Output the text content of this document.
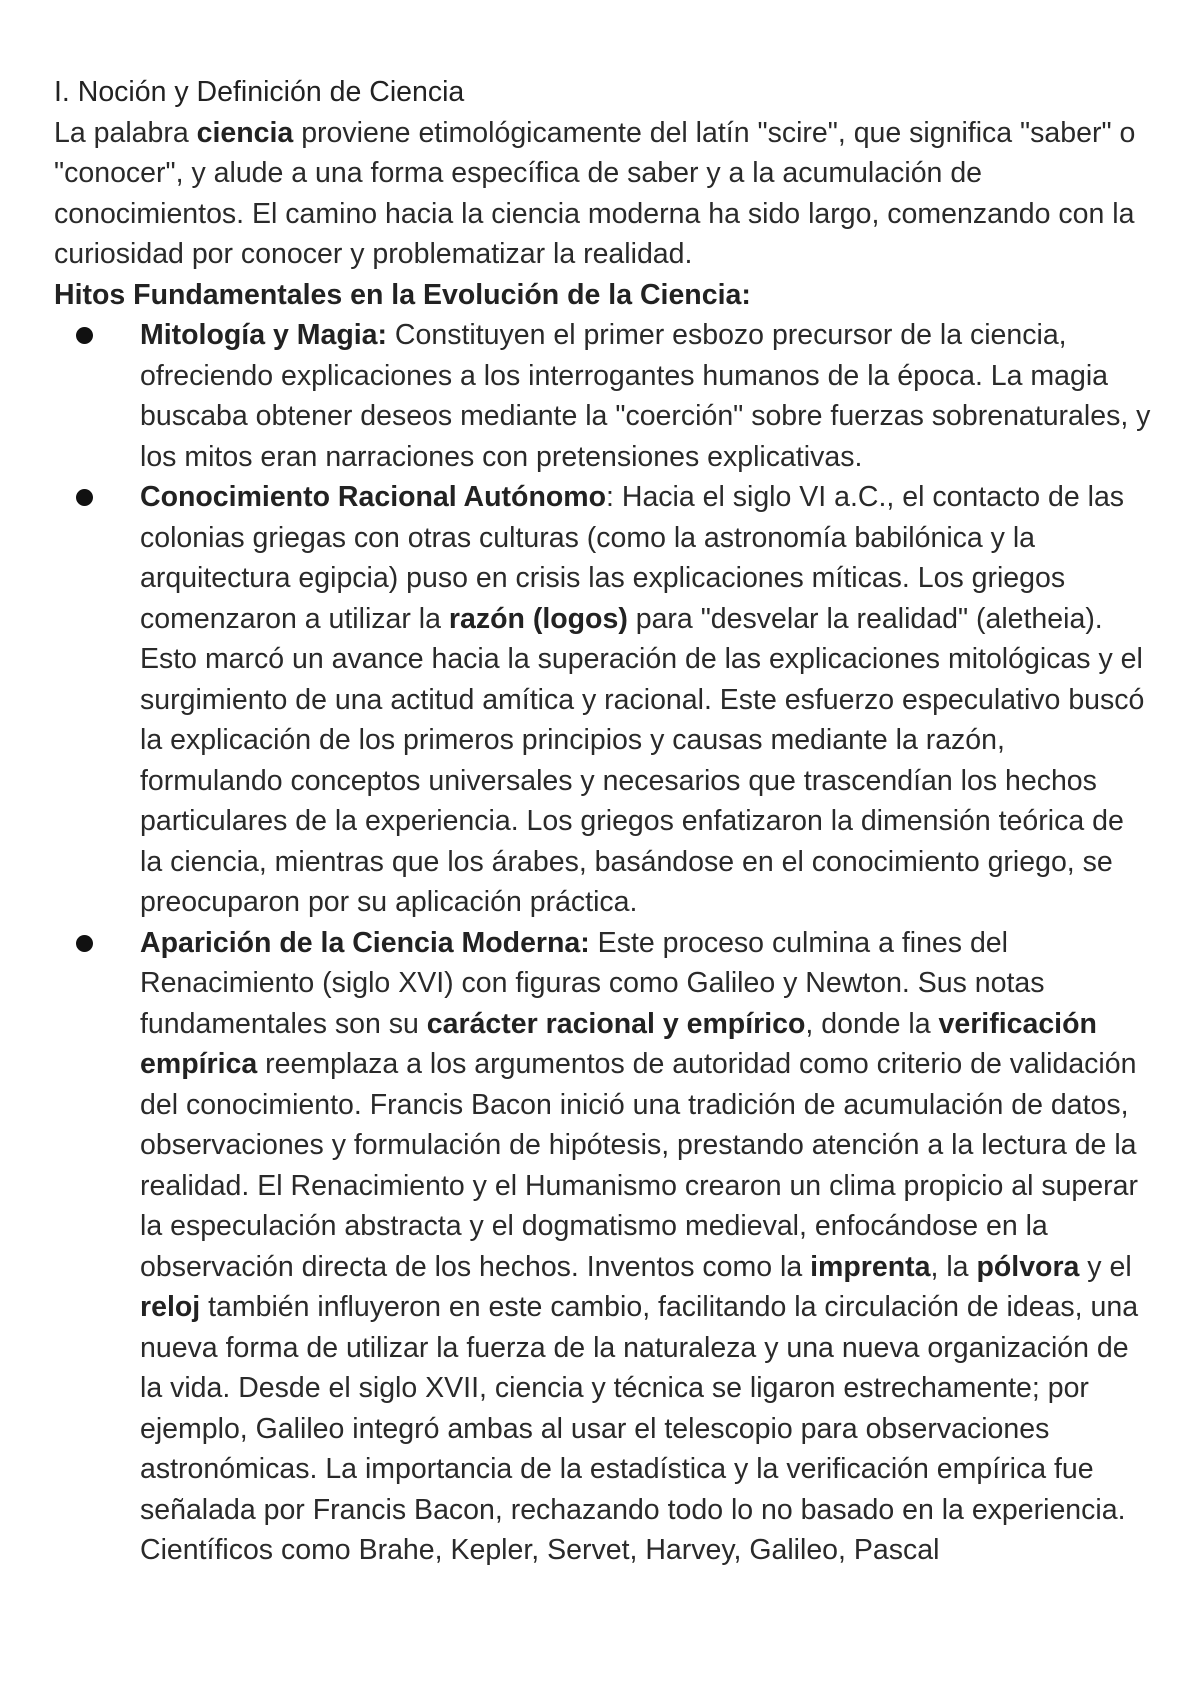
I. Noción y Definición de Ciencia

La palabra ciencia proviene etimológicamente del latín "scire", que significa "saber" o "conocer", y alude a una forma específica de saber y a la acumulación de conocimientos. El camino hacia la ciencia moderna ha sido largo, comenzando con la curiosidad por conocer y problematizar la realidad.

Hitos Fundamentales en la Evolución de la Ciencia:

Mitología y Magia: Constituyen el primer esbozo precursor de la ciencia, ofreciendo explicaciones a los interrogantes humanos de la época. La magia buscaba obtener deseos mediante la "coerción" sobre fuerzas sobrenaturales, y los mitos eran narraciones con pretensiones explicativas.
Conocimiento Racional Autónomo: Hacia el siglo VI a.C., el contacto de las colonias griegas con otras culturas (como la astronomía babilónica y la arquitectura egipcia) puso en crisis las explicaciones míticas. Los griegos comenzaron a utilizar la razón (logos) para "desvelar la realidad" (aletheia). Esto marcó un avance hacia la superación de las explicaciones mitológicas y el surgimiento de una actitud amítica y racional. Este esfuerzo especulativo buscó la explicación de los primeros principios y causas mediante la razón, formulando conceptos universales y necesarios que trascendían los hechos particulares de la experiencia. Los griegos enfatizaron la dimensión teórica de la ciencia, mientras que los árabes, basándose en el conocimiento griego, se preocuparon por su aplicación práctica.
Aparición de la Ciencia Moderna: Este proceso culmina a fines del Renacimiento (siglo XVI) con figuras como Galileo y Newton. Sus notas fundamentales son su carácter racional y empírico, donde la verificación empírica reemplaza a los argumentos de autoridad como criterio de validación del conocimiento. Francis Bacon inició una tradición de acumulación de datos, observaciones y formulación de hipótesis, prestando atención a la lectura de la realidad. El Renacimiento y el Humanismo crearon un clima propicio al superar la especulación abstracta y el dogmatismo medieval, enfocándose en la observación directa de los hechos. Inventos como la imprenta, la pólvora y el reloj también influyeron en este cambio, facilitando la circulación de ideas, una nueva forma de utilizar la fuerza de la naturaleza y una nueva organización de la vida. Desde el siglo XVII, ciencia y técnica se ligaron estrechamente; por ejemplo, Galileo integró ambas al usar el telescopio para observaciones astronómicas. La importancia de la estadística y la verificación empírica fue señalada por Francis Bacon, rechazando todo lo no basado en la experiencia. Científicos como Brahe, Kepler, Servet, Harvey, Galileo, Pascal
